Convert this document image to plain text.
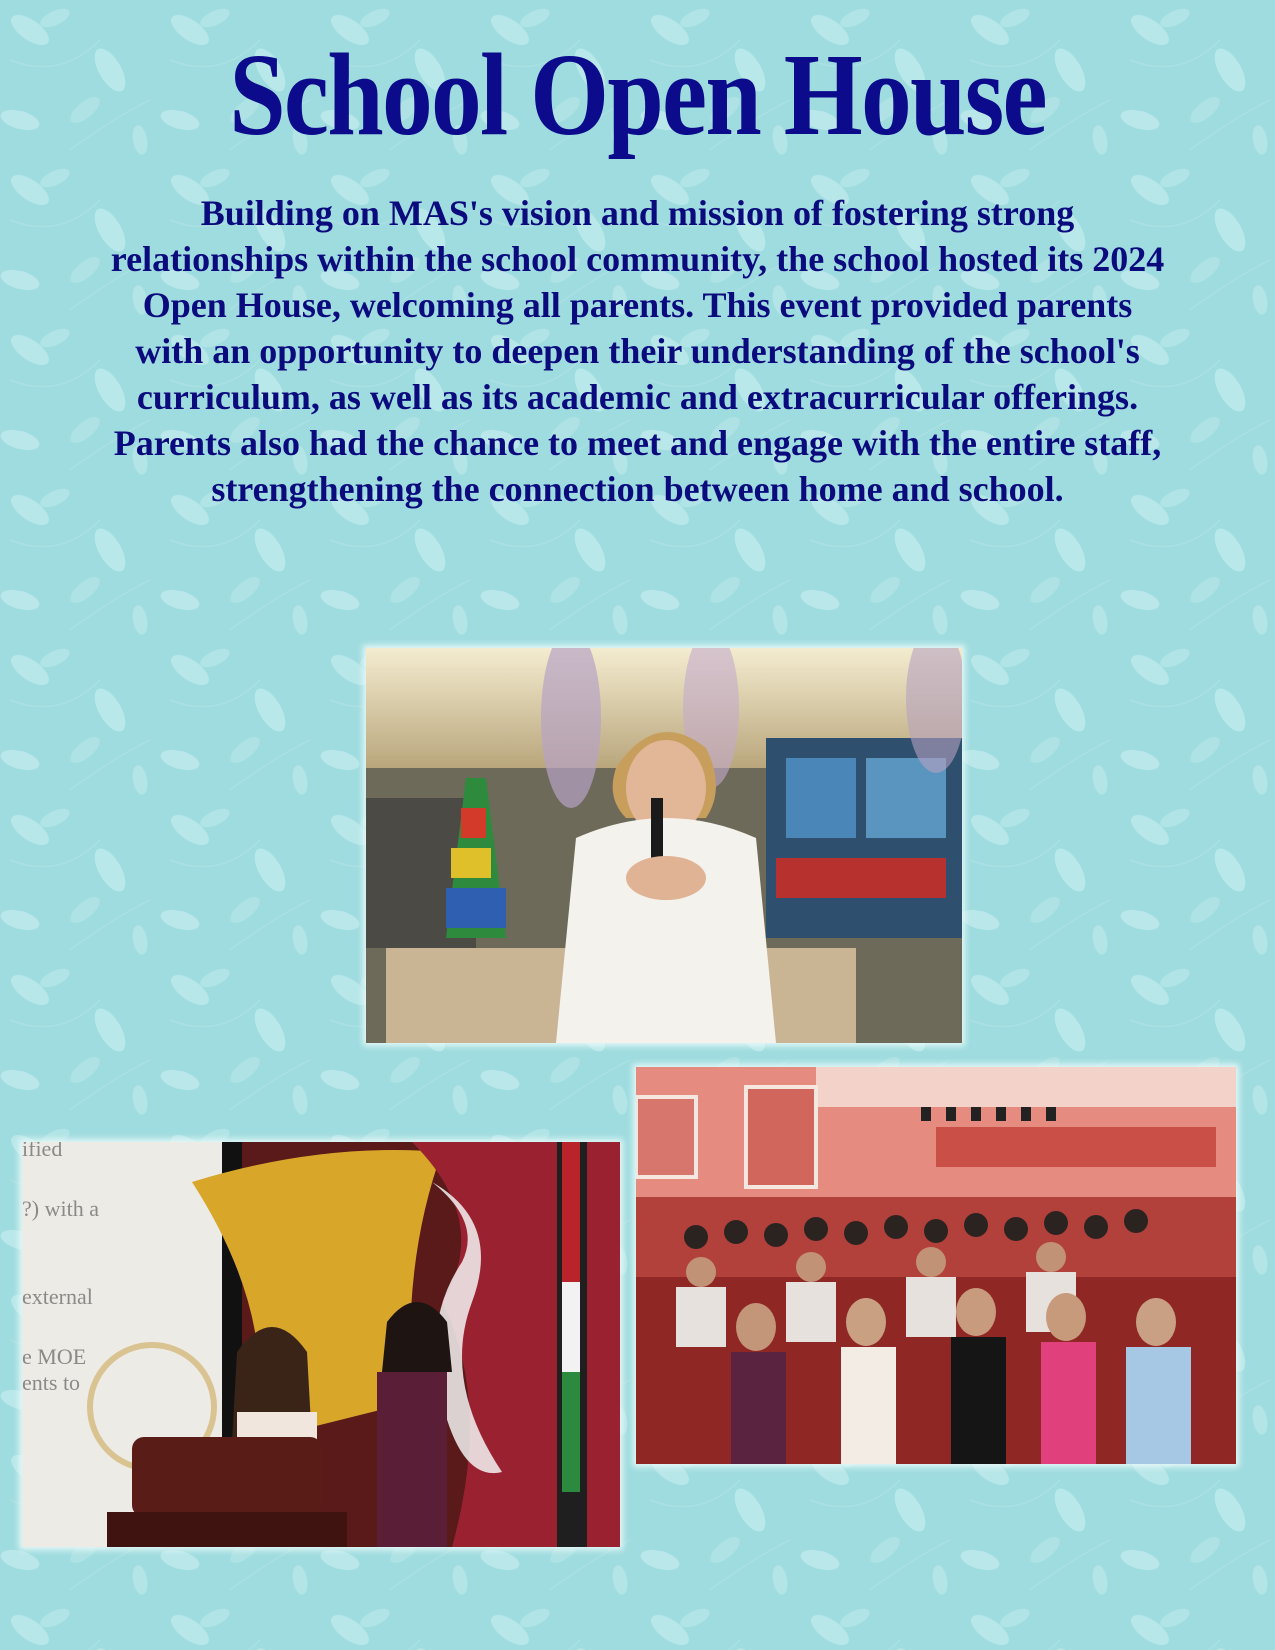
School Open House
Building on MAS's vision and mission of fostering strong relationships within the school community, the school hosted its 2024 Open House, welcoming all parents. This event provided parents with an opportunity to deepen their understanding of the school's curriculum, as well as its academic and extracurricular offerings. Parents also had the chance to meet and engage with the entire staff, strengthening the connection between home and school.
ified
?) with a
external
e MOE
ents to
